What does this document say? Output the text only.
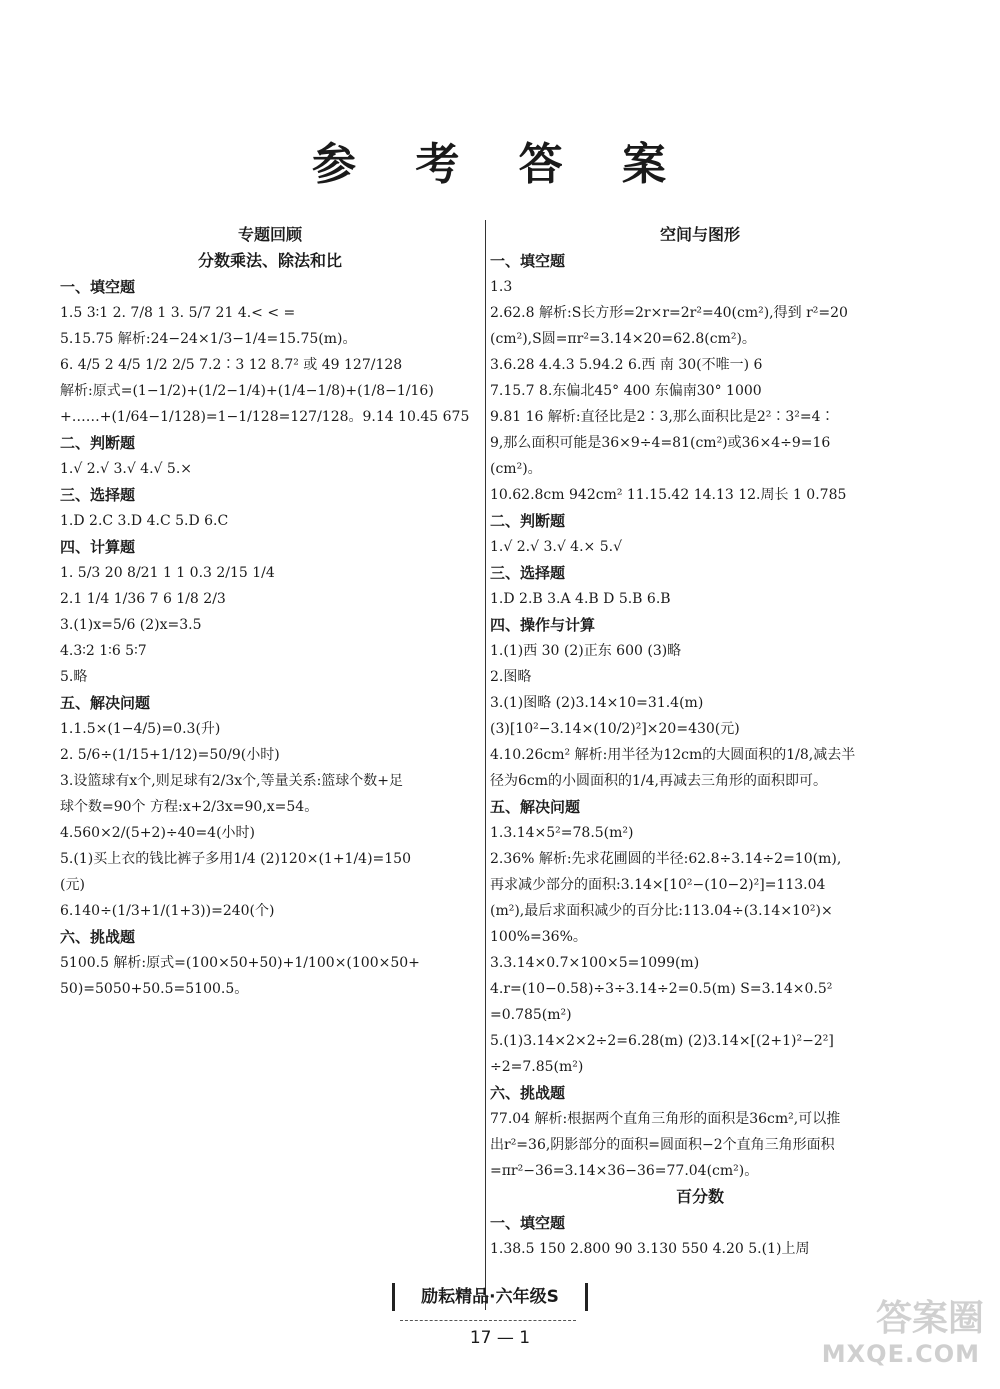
参 考 答 案
专题回顾
分数乘法、除法和比
一、填空题
1.5 3∶1 2. 7/8 1 3. 5/7 21 4.< < =
5.15.75 解析:24−24×1/3−1/4=15.75(m)。
6. 4/5 2 4/5 1/2 2/5 7.2∶3 12 8.7² 或 49 127/128
解析:原式=(1−1/2)+(1/2−1/4)+(1/4−1/8)+(1/8−1/16)
+……+(1/64−1/128)=1−1/128=127/128。9.14 10.45 675
二、判断题
1.√ 2.√ 3.√ 4.√ 5.×
三、选择题
1.D 2.C 3.D 4.C 5.D 6.C
四、计算题
1. 5/3 20 8/21 1 1 0.3 2/15 1/4
2.1 1/4 1/36 7 6 1/8 2/3
3.(1)x=5/6 (2)x=3.5
4.3∶2 1∶6 5∶7
5.略
五、解决问题
1.1.5×(1−4/5)=0.3(升)
2. 5/6÷(1/15+1/12)=50/9(小时)
3.设篮球有x个,则足球有2/3x个,等量关系:篮球个数+足
球个数=90个 方程:x+2/3x=90,x=54。
4.560×2/(5+2)÷40=4(小时)
5.(1)买上衣的钱比裤子多用1/4 (2)120×(1+1/4)=150
(元)
6.140÷(1/3+1/(1+3))=240(个)
六、挑战题
5100.5 解析:原式=(100×50+50)+1/100×(100×50+
50)=5050+50.5=5100.5。
空间与图形
一、填空题
1.3
2.62.8 解析:S长方形=2r×r=2r²=40(cm²),得到 r²=20
(cm²),S圆=πr²=3.14×20=62.8(cm²)。
3.6.28 4.4.3 5.94.2 6.西 南 30(不唯一) 6
7.15.7 8.东偏北45° 400 东偏南30° 1000
9.81 16 解析:直径比是2∶3,那么面积比是2²∶3²=4∶
9,那么面积可能是36×9÷4=81(cm²)或36×4÷9=16
(cm²)。
10.62.8cm 942cm² 11.15.42 14.13 12.周长 1 0.785
二、判断题
1.√ 2.√ 3.√ 4.× 5.√
三、选择题
1.D 2.B 3.A 4.B D 5.B 6.B
四、操作与计算
1.(1)西 30 (2)正东 600 (3)略
2.图略
3.(1)图略 (2)3.14×10=31.4(m)
(3)[10²−3.14×(10/2)²]×20=430(元)
4.10.26cm² 解析:用半径为12cm的大圆面积的1/8,减去半
径为6cm的小圆面积的1/4,再减去三角形的面积即可。
五、解决问题
1.3.14×5²=78.5(m²)
2.36% 解析:先求花圃圆的半径:62.8÷3.14÷2=10(m),
再求减少部分的面积:3.14×[10²−(10−2)²]=113.04
(m²),最后求面积减少的百分比:113.04÷(3.14×10²)×
100%=36%。
3.3.14×0.7×100×5=1099(m)
4.r=(10−0.58)÷3÷3.14÷2=0.5(m) S=3.14×0.5²
=0.785(m²)
5.(1)3.14×2×2÷2=6.28(m) (2)3.14×[(2+1)²−2²]
÷2=7.85(m²)
六、挑战题
77.04 解析:根据两个直角三角形的面积是36cm²,可以推
出r²=36,阴影部分的面积=圆面积−2个直角三角形面积
=πr²−36=3.14×36−36=77.04(cm²)。
百分数
一、填空题
1.38.5 150 2.800 90 3.130 550 4.20 5.(1)上周
励耘精品·六年级S
17 — 1	答案圈
MXQE.COM
